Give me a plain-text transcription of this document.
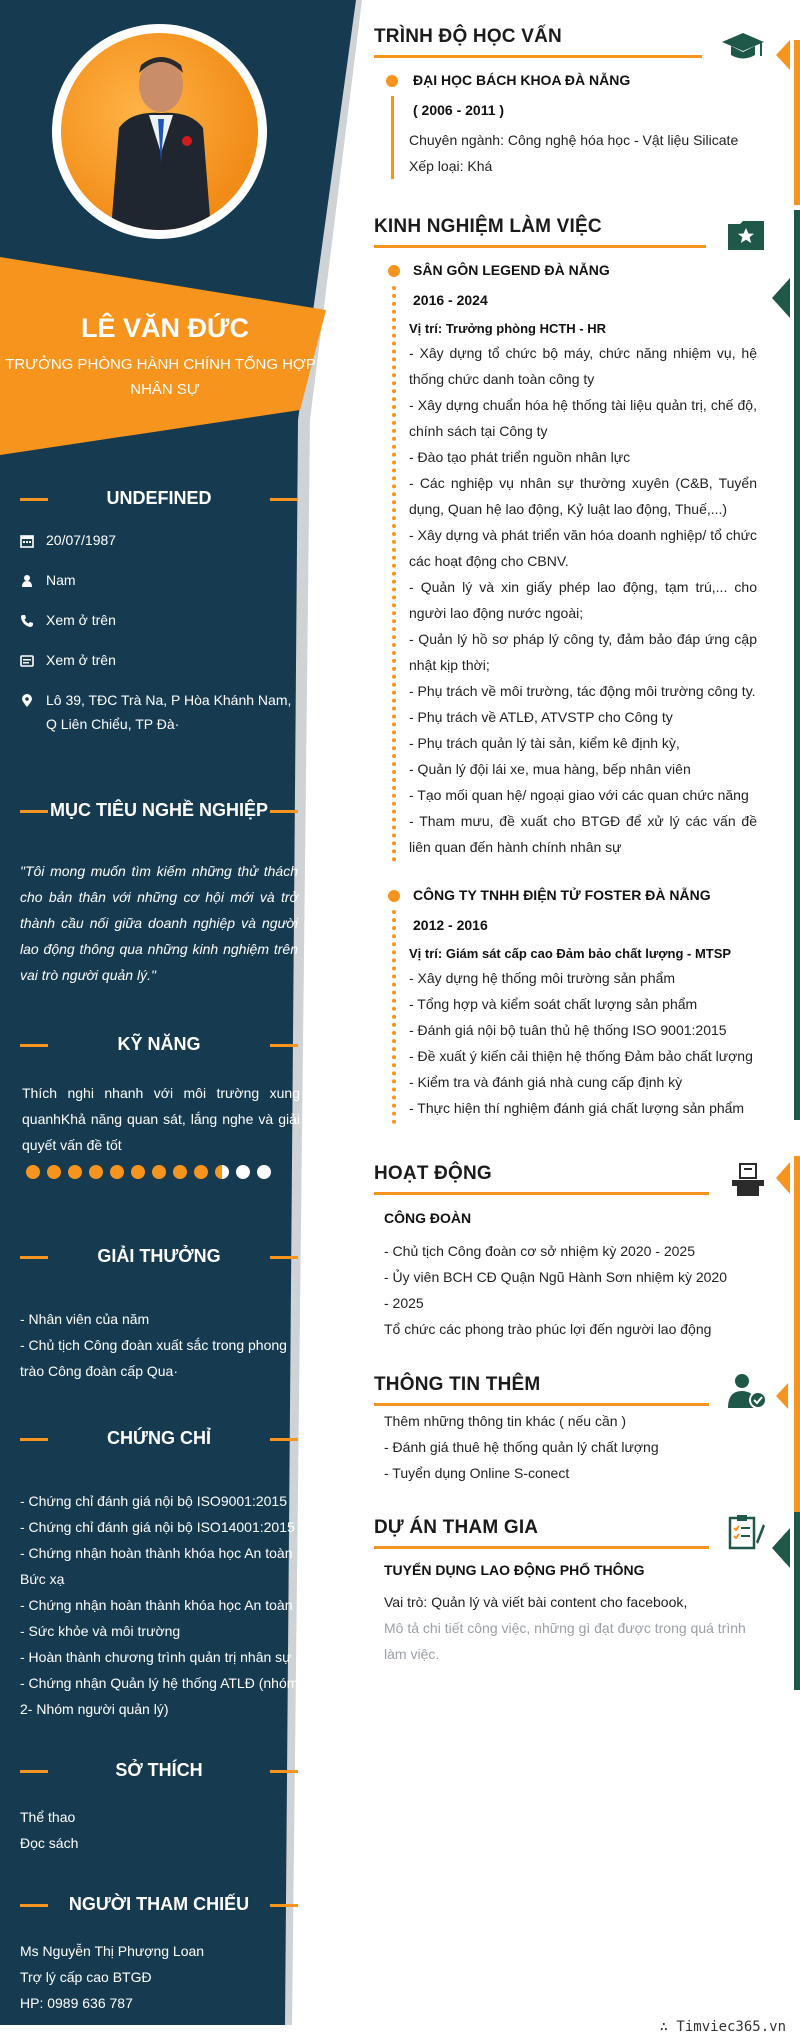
LÊ VĂN ĐỨC
TRƯỞNG PHÒNG HÀNH CHÍNH TỔNG HỢP -
NHÂN SỰ
UNDEFINED
20/07/1987
Nam
Xem ở trên
Xem ở trên
Lô 39, TĐC Trà Na, P Hòa Khánh Nam, Q Liên Chiểu, TP Đà·
MỤC TIÊU NGHỀ NGHIỆP
"Tôi mong muốn tìm kiếm những thử thách cho bản thân với những cơ hội mới và trở thành cầu nối giữa doanh nghiệp và người lao động thông qua những kinh nghiệm trên vai trò người quản lý."
KỸ NĂNG
Thích nghi nhanh với môi trường xung quanhKhả năng quan sát, lắng nghe và giải quyết vấn đề tốt
GIẢI THƯỞNG
- Nhân viên của năm
- Chủ tịch Công đoàn xuất sắc trong phong trào Công đoàn cấp Qua·
CHỨNG CHỈ
- Chứng chỉ đánh giá nội bộ ISO9001:2015
- Chứng chỉ đánh giá nội bộ ISO14001:2015
- Chứng nhận hoàn thành khóa học An toàn Bức xạ
- Chứng nhận hoàn thành khóa học An toàn - Sức khỏe và môi trường
- Hoàn thành chương trình quản trị nhân sự
- Chứng nhận Quản lý hệ thống ATLĐ (nhóm 2- Nhóm người quản lý)
SỞ THÍCH
Thể thao
Đọc sách
NGƯỜI THAM CHIẾU
Ms Nguyễn Thị Phượng Loan
Trợ lý cấp cao BTGĐ
HP: 0989 636 787
TRÌNH ĐỘ HỌC VẤN
ĐẠI HỌC BÁCH KHOA ĐÀ NẴNG
( 2006 - 2011 )
Chuyên ngành: Công nghệ hóa học - Vật liệu Silicate
Xếp loại: Khá
KINH NGHIỆM LÀM VIỆC
SÂN GÔN LEGEND ĐÀ NẴNG
2016 - 2024
Vị trí: Trưởng phòng HCTH - HR
- Xây dựng tổ chức bộ máy, chức năng nhiệm vụ, hệ thống chức danh toàn công ty
- Xây dựng chuẩn hóa hệ thống tài liệu quản trị, chế độ, chính sách tại Công ty
- Đào tạo phát triển nguồn nhân lực
- Các nghiệp vụ nhân sự thường xuyên (C&B, Tuyển dụng, Quan hệ lao động, Kỷ luật lao động, Thuế,...)
- Xây dựng và phát triển văn hóa doanh nghiệp/ tổ chức các hoạt động cho CBNV.
- Quản lý và xin giấy phép lao động, tạm trú,... cho người lao động nước ngoài;
- Quản lý hồ sơ pháp lý công ty, đảm bảo đáp ứng cập nhật kịp thời;
- Phụ trách về môi trường, tác động môi trường công ty.
- Phụ trách về ATLĐ, ATVSTP cho Công ty
- Phụ trách quản lý tài sản, kiểm kê định kỳ,
- Quản lý đội lái xe, mua hàng, bếp nhân viên
- Tạo mối quan hệ/ ngoại giao với các quan chức năng
- Tham mưu, đề xuất cho BTGĐ để xử lý các vấn đề liên quan đến hành chính nhân sự
CÔNG TY TNHH ĐIỆN TỬ FOSTER ĐÀ NẴNG
2012 - 2016
Vị trí: Giám sát cấp cao Đảm bảo chất lượng - MTSP
- Xây dựng hệ thống môi trường sản phẩm
- Tổng hợp và kiểm soát chất lượng sản phẩm
- Đánh giá nội bộ tuân thủ hệ thống ISO 9001:2015
- Đề xuất ý kiến cải thiện hệ thống Đảm bảo chất lượng
- Kiểm tra và đánh giá nhà cung cấp định kỳ
- Thực hiện thí nghiệm đánh giá chất lượng sản phẩm
HOẠT ĐỘNG
CÔNG ĐOÀN
- Chủ tịch Công đoàn cơ sở nhiệm kỳ 2020 - 2025
- Ủy viên BCH CĐ Quận Ngũ Hành Sơn nhiệm kỳ 2020 - 2025
Tổ chức các phong trào phúc lợi đến người lao động
THÔNG TIN THÊM
Thêm những thông tin khác ( nếu cần )
- Đánh giá thuê hệ thống quản lý chất lượng
- Tuyển dụng Online S-conect
DỰ ÁN THAM GIA
TUYỂN DỤNG LAO ĐỘNG PHỔ THÔNG
Vai trò: Quản lý và viết bài content cho facebook,
Mô tả chi tiết công việc, những gì đạt được trong quá trình làm việc.
∴ Timviec365.vn
